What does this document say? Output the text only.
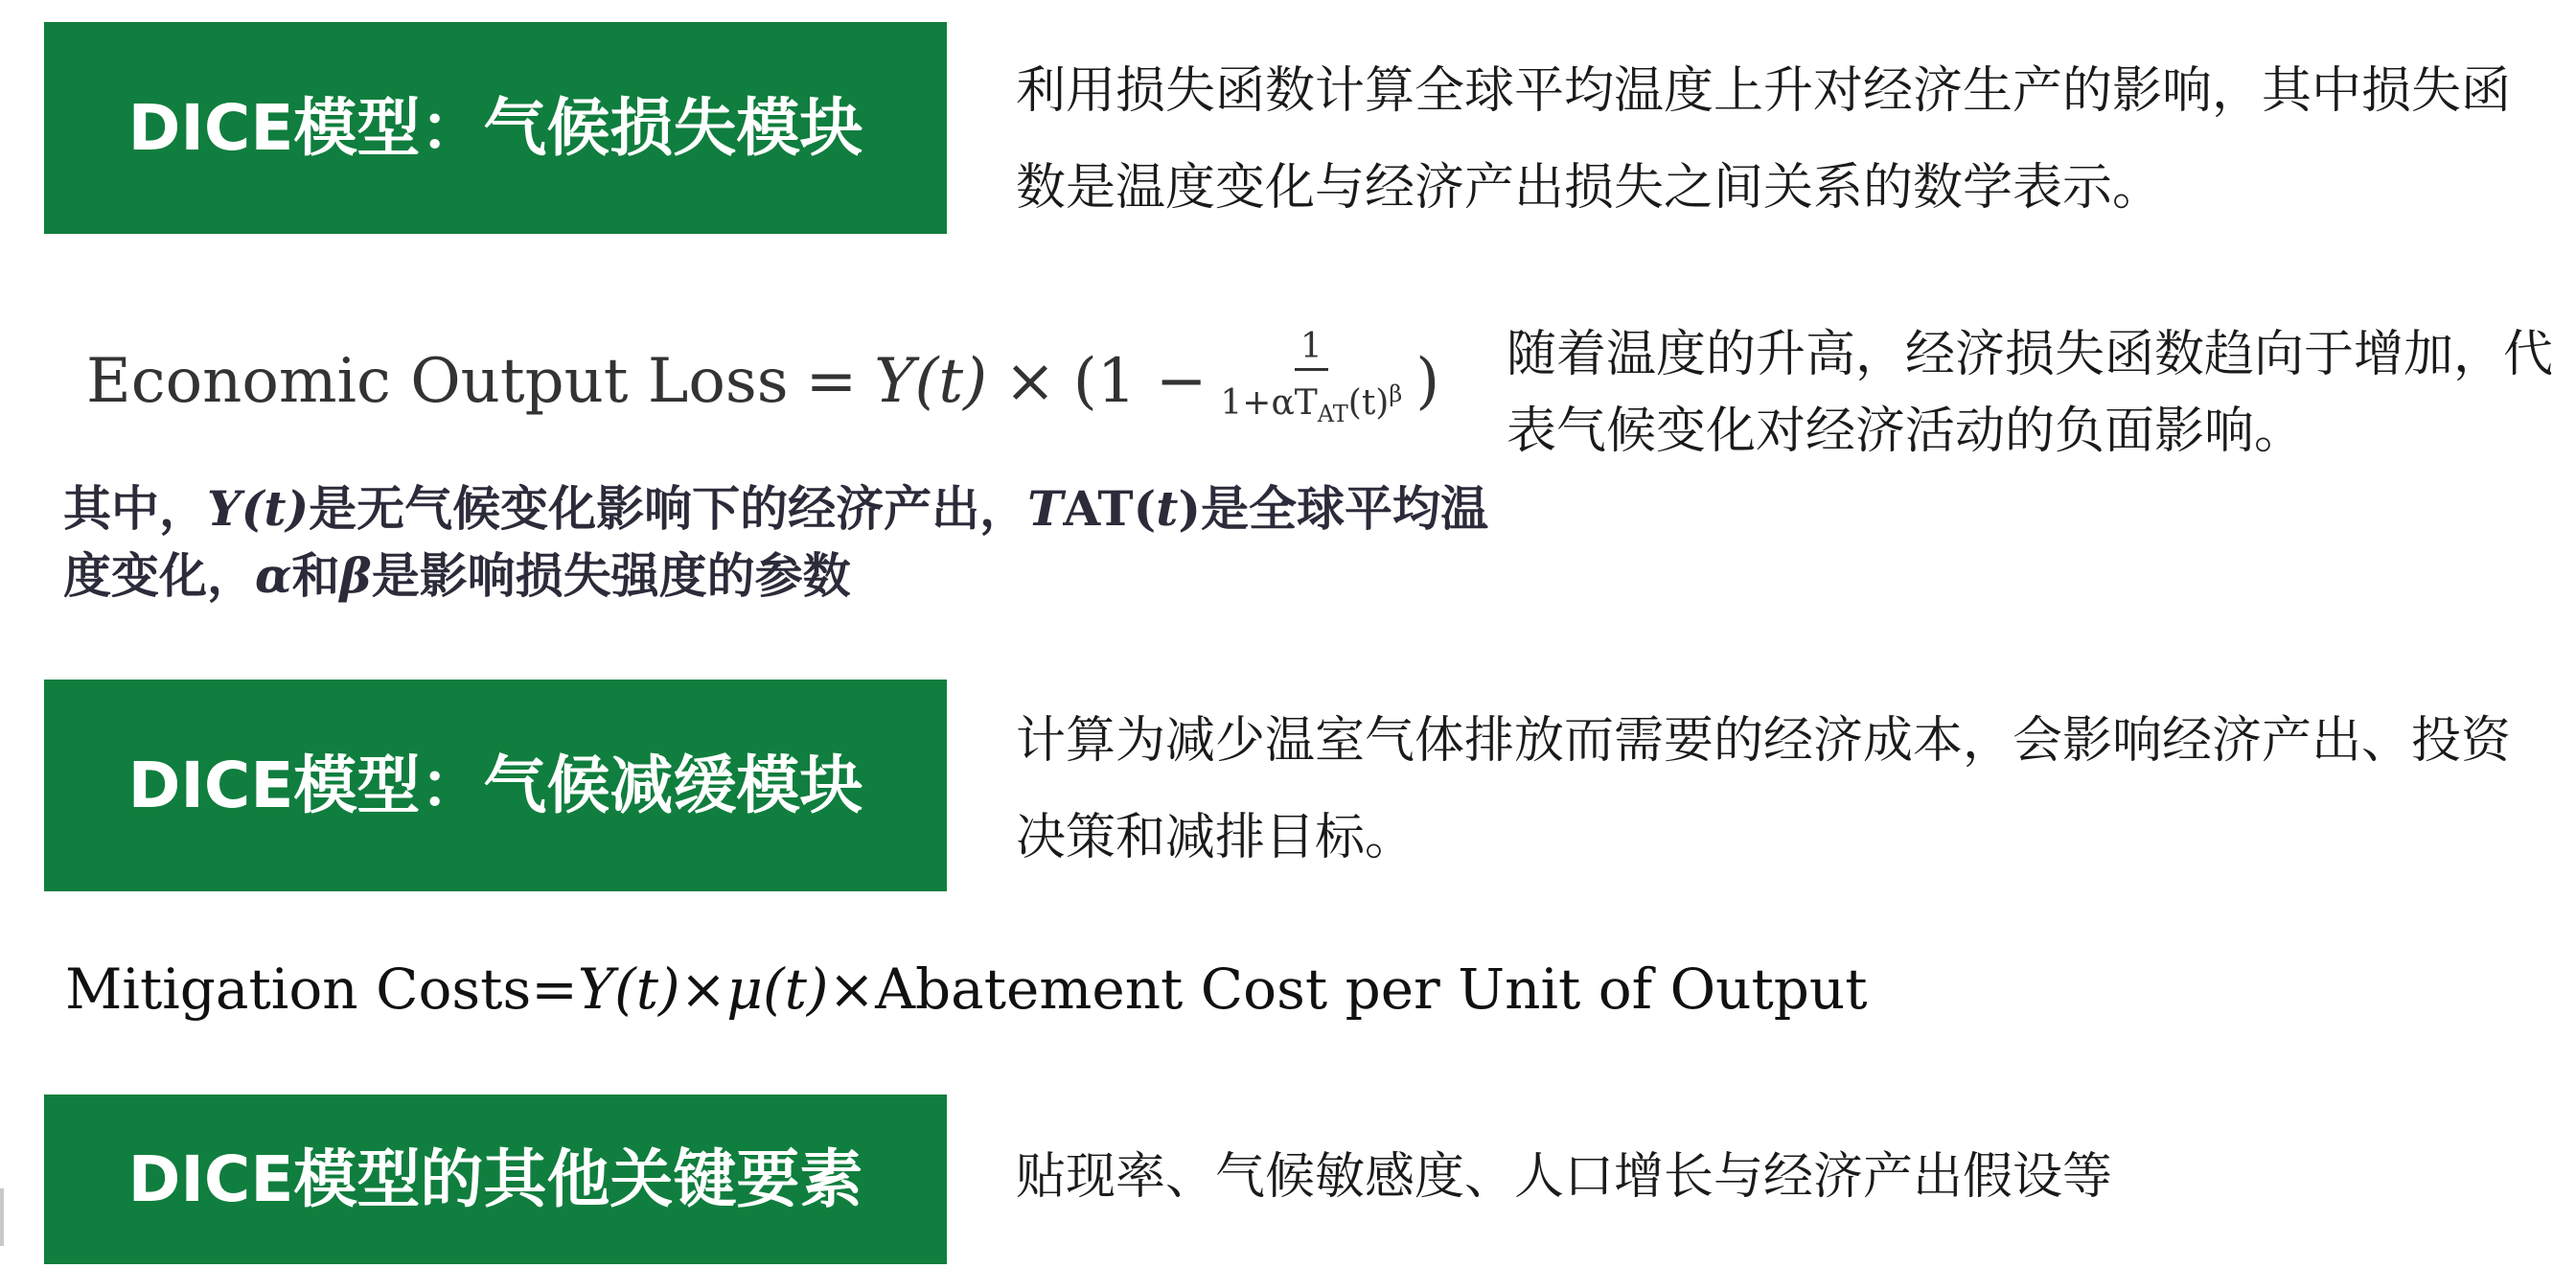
DICE模型：气候损失模块	利用损失函数计算全球平均温度上升对经济生产的影响，其中损失函数是温度变化与经济产出损失之间关系的数学表示。
Economic Output Loss = $Y(t) \times (1 - \frac{1}{1+\alpha T_{AT}(t)^\beta}$ ) 随着温度的升高，经济损失函数趋向于增加，代表气候变化对经济活动的负面影响。
其中，Y(t)是无气候变化影响下的经济产出，TAT(t)是全球平均温度变化，α和β是影响损失强度的参数
DICE模型：气候减缓模块
计算为减少温室气体排放而需要的经济成本，会影响经济产出、投资决策和减排目标。
Mitigation Costs=Y(t)×μ(t)×Abatement Cost per Unit of Output
DICE模型的其他关键要素	贴现率、气候敏感度、人口增长与经济产出假设等
